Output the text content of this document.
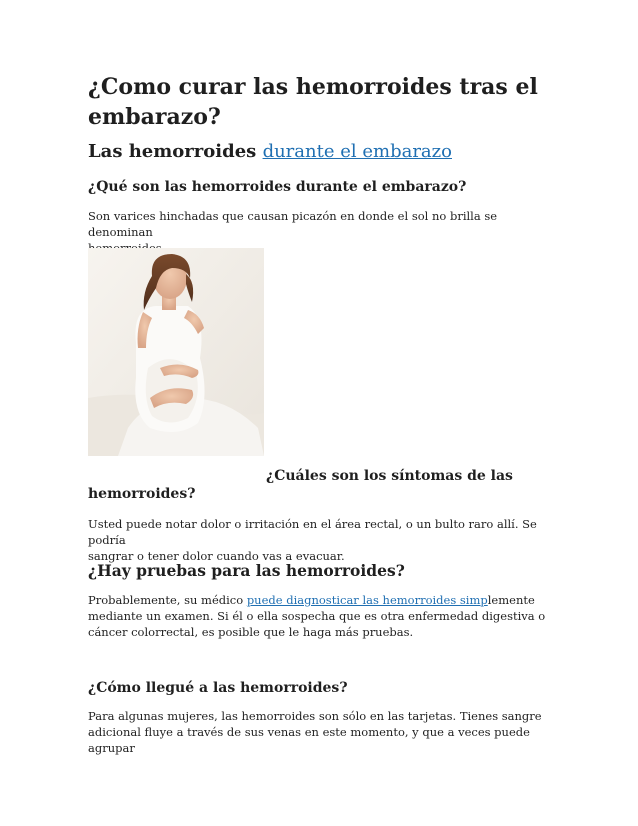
¿Como curar las hemorroides tras el
embarazo?
Las hemorroides durante el embarazo
¿Qué son las hemorroides durante el embarazo?
Son varices hinchadas que causan picazón en donde el sol no brilla se denominan
¿Cuáles son los síntomas de las
hemorroides?
Usted puede notar dolor o irritación en el área rectal, o un bulto raro allí. Se podría
sangrar o tener dolor cuando vas a evacuar.
¿Hay pruebas para las hemorroides?
Probablemente, su médico puede diagnosticar las hemorroides simplemente
mediante un examen. Si él o ella sospecha que es otra enfermedad digestiva o
cáncer colorrectal, es posible que le haga más pruebas.
¿Cómo llegué a las hemorroides?
Para algunas mujeres, las hemorroides son sólo en las tarjetas. Tienes sangre
adicional fluye a través de sus venas en este momento, y que a veces puede agrupar
